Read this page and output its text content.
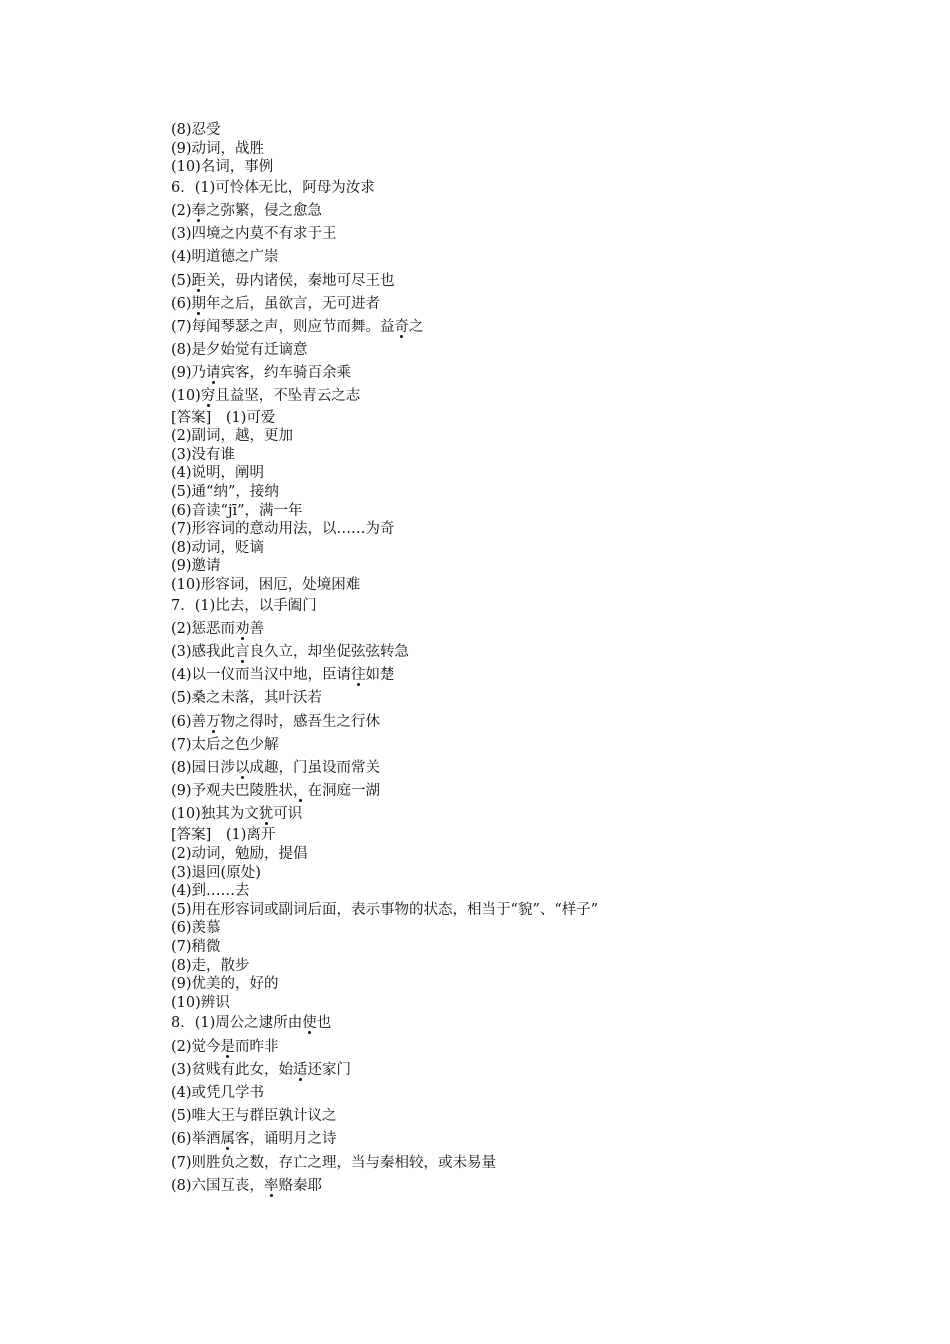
(8)忍受
(9)动词，战胜
(10)名词，事例
6．(1)可怜体无比，阿母为汝求
(2)奉之弥繁，侵之愈急
(3)四境之内莫不有求于王
(4)明道德之广崇
(5)距关，毋内诸侯，秦地可尽王也
(6)期年之后，虽欲言，无可进者
(7)每闻琴瑟之声，则应节而舞。益奇之
(8)是夕始觉有迁谪意
(9)乃请宾客，约车骑百余乘
(10)穷且益坚，不坠青云之志
[答案]　(1)可爱
(2)副词，越，更加
(3)没有谁
(4)说明，阐明
(5)通“纳”，接纳
(6)音读“jī”，满一年
(7)形容词的意动用法，以……为奇
(8)动词，贬谪
(9)邀请
(10)形容词，困厄，处境困难
7．(1)比去，以手阖门
(2)惩恶而劝善
(3)感我此言良久立，却坐促弦弦转急
(4)以一仪而当汉中地，臣请往如楚
(5)桑之未落，其叶沃若
(6)善万物之得时，感吾生之行休
(7)太后之色少解
(8)园日涉以成趣，门虽设而常关
(9)予观夫巴陵胜状，在洞庭一湖
(10)独其为文犹可识
[答案]　(1)离开
(2)动词，勉励，提倡
(3)退回(原处)
(4)到……去
(5)用在形容词或副词后面，表示事物的状态，相当于“貌”、“样子”
(6)羡慕
(7)稍微
(8)走，散步
(9)优美的，好的
(10)辨识
8．(1)周公之逮所由使也
(2)觉今是而昨非
(3)贫贱有此女，始适还家门
(4)或凭几学书
(5)唯大王与群臣孰计议之
(6)举酒属客，诵明月之诗
(7)则胜负之数，存亡之理，当与秦相较，或未易量
(8)六国互丧，率赂秦耶
